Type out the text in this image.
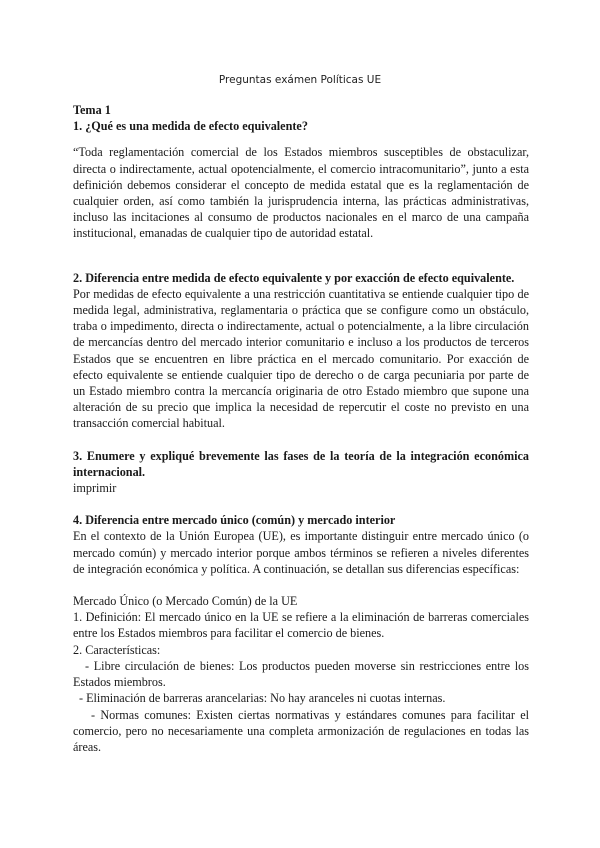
Preguntas exámen Políticas UE

Tema 1

1. ¿Qué es una medida de efecto equivalente?

“Toda reglamentación comercial de los Estados miembros susceptibles de obstaculizar, directa o indirectamente, actual opotencialmente, el comercio intracomunitario”, junto a esta definición debemos considerar el concepto de medida estatal que es la reglamentación de cualquier orden, así como también la jurisprudencia interna, las prácticas administrativas, incluso las incitaciones al consumo de productos nacionales en el marco de una campaña institucional, emanadas de cualquier tipo de autoridad estatal.

2. Diferencia entre medida de efecto equivalente y por exacción de efecto equivalente.

Por medidas de efecto equivalente a una restricción cuantitativa se entiende cualquier tipo de medida legal, administrativa, reglamentaria o práctica que se configure como un obstáculo, traba o impedimento, directa o indirectamente, actual o potencialmente, a la libre circulación de mercancías dentro del mercado interior comunitario e incluso a los productos de terceros Estados que se encuentren en libre práctica en el mercado comunitario. Por exacción de efecto equivalente se entiende cualquier tipo de derecho o de carga pecuniaria por parte de un Estado miembro contra la mercancía originaria de otro Estado miembro que supone una alteración de su precio que implica la necesidad de repercutir el coste no previsto en una transacción comercial habitual.

3. Enumere y expliqué brevemente las fases de la teoría de la integración económica internacional.

imprimir

4. Diferencia entre mercado único (común) y mercado interior

En el contexto de la Unión Europea (UE), es importante distinguir entre mercado único (o mercado común) y mercado interior porque ambos términos se refieren a niveles diferentes de integración económica y política. A continuación, se detallan sus diferencias específicas:

Mercado Único (o Mercado Común) de la UE

1. Definición: El mercado único en la UE se refiere a la eliminación de barreras comerciales entre los Estados miembros para facilitar el comercio de bienes.

2. Características:

- Libre circulación de bienes: Los productos pueden moverse sin restricciones entre los Estados miembros.

- Eliminación de barreras arancelarias: No hay aranceles ni cuotas internas.

- Normas comunes: Existen ciertas normativas y estándares comunes para facilitar el comercio, pero no necesariamente una completa armonización de regulaciones en todas las áreas.
